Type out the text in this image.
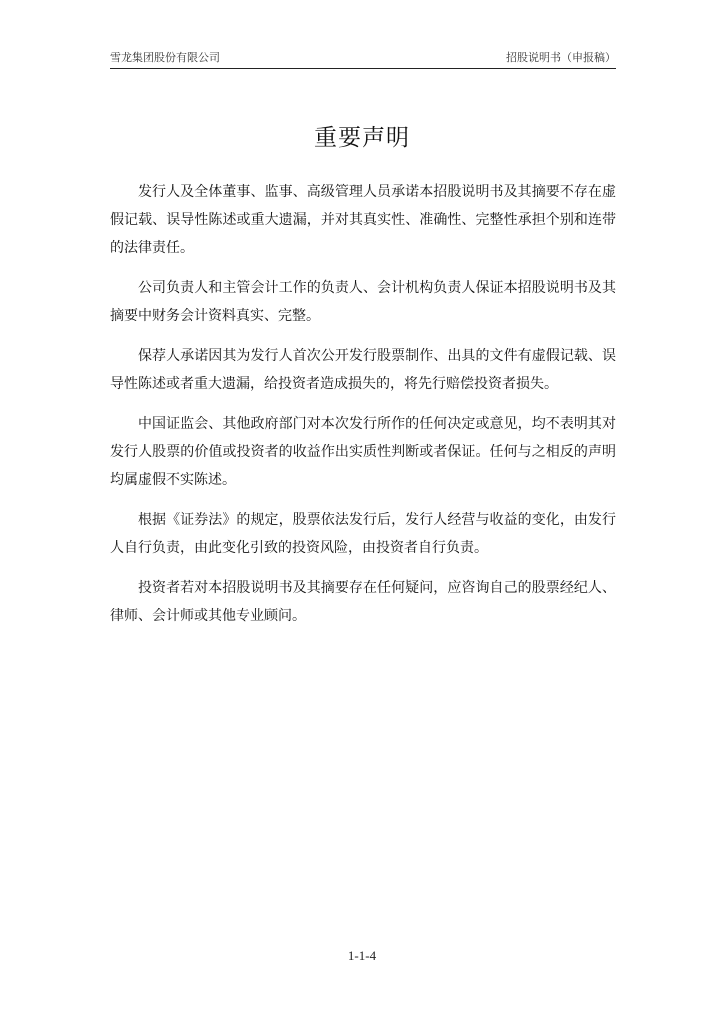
雪龙集团股份有限公司	招股说明书（申报稿）
重要声明

发行人及全体董事、监事、高级管理人员承诺本招股说明书及其摘要不存在虚假记载、误导性陈述或重大遗漏，并对其真实性、准确性、完整性承担个别和连带的法律责任。

公司负责人和主管会计工作的负责人、会计机构负责人保证本招股说明书及其摘要中财务会计资料真实、完整。

保荐人承诺因其为发行人首次公开发行股票制作、出具的文件有虚假记载、误导性陈述或者重大遗漏，给投资者造成损失的，将先行赔偿投资者损失。

中国证监会、其他政府部门对本次发行所作的任何决定或意见，均不表明其对发行人股票的价值或投资者的收益作出实质性判断或者保证。任何与之相反的声明均属虚假不实陈述。

根据《证券法》的规定，股票依法发行后，发行人经营与收益的变化，由发行人自行负责，由此变化引致的投资风险，由投资者自行负责。

投资者若对本招股说明书及其摘要存在任何疑问，应咨询自己的股票经纪人、律师、会计师或其他专业顾问。

1-1-4
